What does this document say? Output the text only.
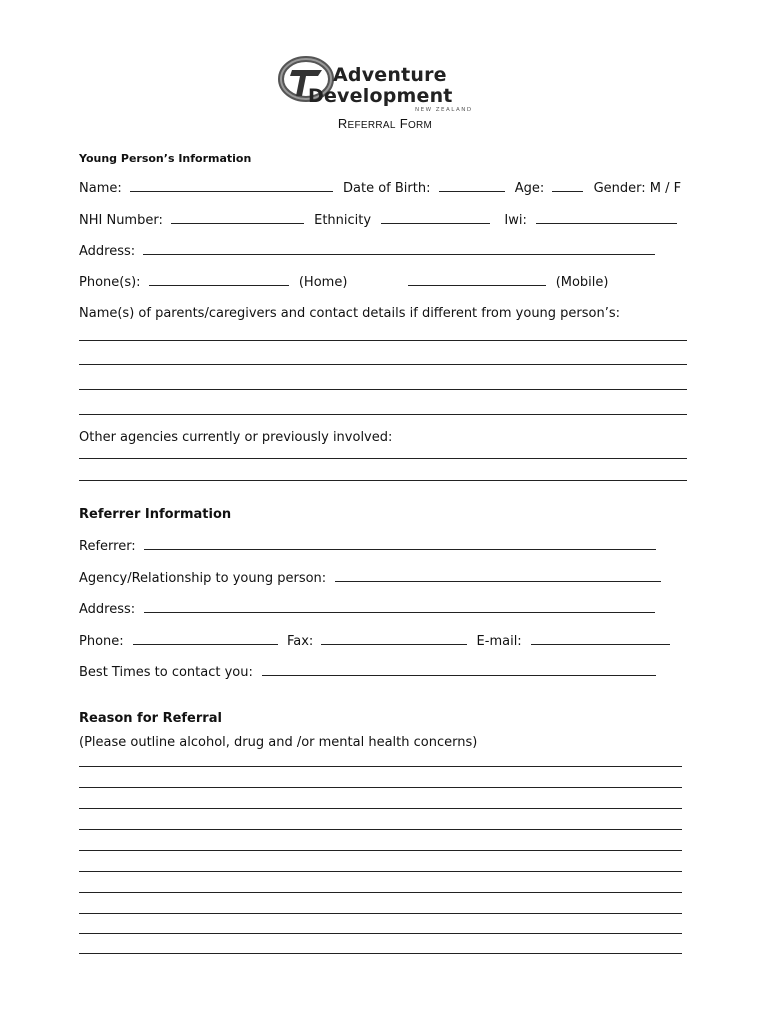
Adventure
Development
NEW ZEALAND
REFERRAL FORM
Young Person’s Information
Name:	Date of Birth:	Age:	Gender: M / F
NHI Number:	Ethnicity	Iwi:
Address:
Phone(s):	(Home)	(Mobile)
Name(s) of parents/caregivers and contact details if different from young person’s:
Other agencies currently or previously involved:
Referrer Information
Referrer:
Agency/Relationship to young person:
Address:
Phone:	Fax:	E-mail:
Best Times to contact you:
Reason for Referral
(Please outline alcohol, drug and /or mental health concerns)
